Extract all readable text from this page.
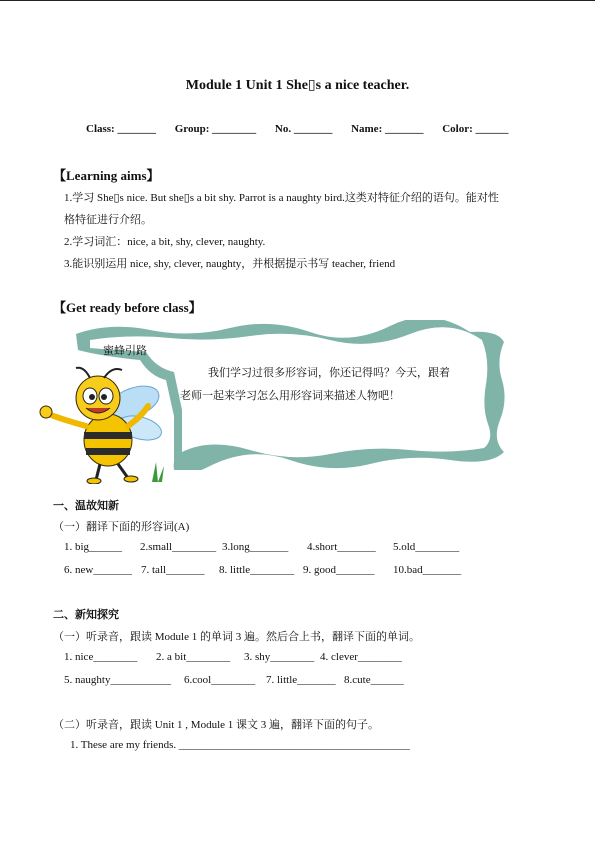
Module 1 Unit 1 She▯s a nice teacher.
Class: _______ Group: ________ No. _______ Name: _______ Color: ______
【Learning aims】
1.学习 She▯s nice. But she▯s a bit shy. Parrot is a naughty bird.这类对特征介绍的语句。能对性
格特征进行介绍。
2.学习词汇：nice, a bit, shy, clever, naughty.
3.能识别运用 nice, shy, clever, naughty，并根据提示书写 teacher, friend
【Get ready before class】
蜜蜂引路
我们学习过很多形容词，你还记得吗？今天，跟着
老师一起来学习怎么用形容词来描述人物吧！
一、温故知新
（一）翻译下面的形容词(A)
1. big______ 2.small________ 3.long_______ 4.short_______ 5.old________
6. new_______ 7. tall_______ 8. little________ 9. good_______ 10.bad_______
二、新知探究
（一）听录音，跟读 Module 1 的单词 3 遍。然后合上书，翻译下面的单词。
1. nice________ 2. a bit________ 3. shy________ 4. clever________
5. naughty___________ 6.cool________ 7. little_______ 8.cute______
（二）听录音，跟读 Unit 1 , Module 1 课文 3 遍，翻译下面的句子。
1. These are my friends. __________________________________________
